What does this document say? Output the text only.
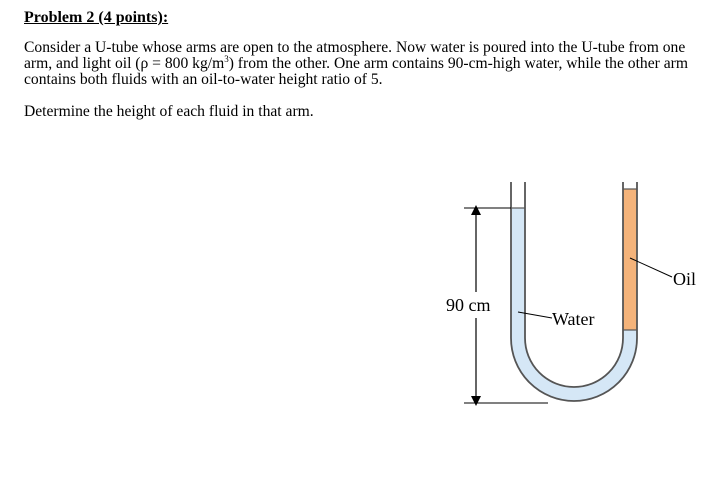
Problem 2 (4 points):

Consider a U-tube whose arms are open to the atmosphere. Now water is poured into the U-tube from one arm, and light oil (ρ = 800 $kg/m^3$) from the other. One arm contains 90-cm-high water, while the other arm contains both fluids with an oil-to-water height ratio of 5.

Determine the height of each fluid in that arm.

90 cm
Water
Oil
